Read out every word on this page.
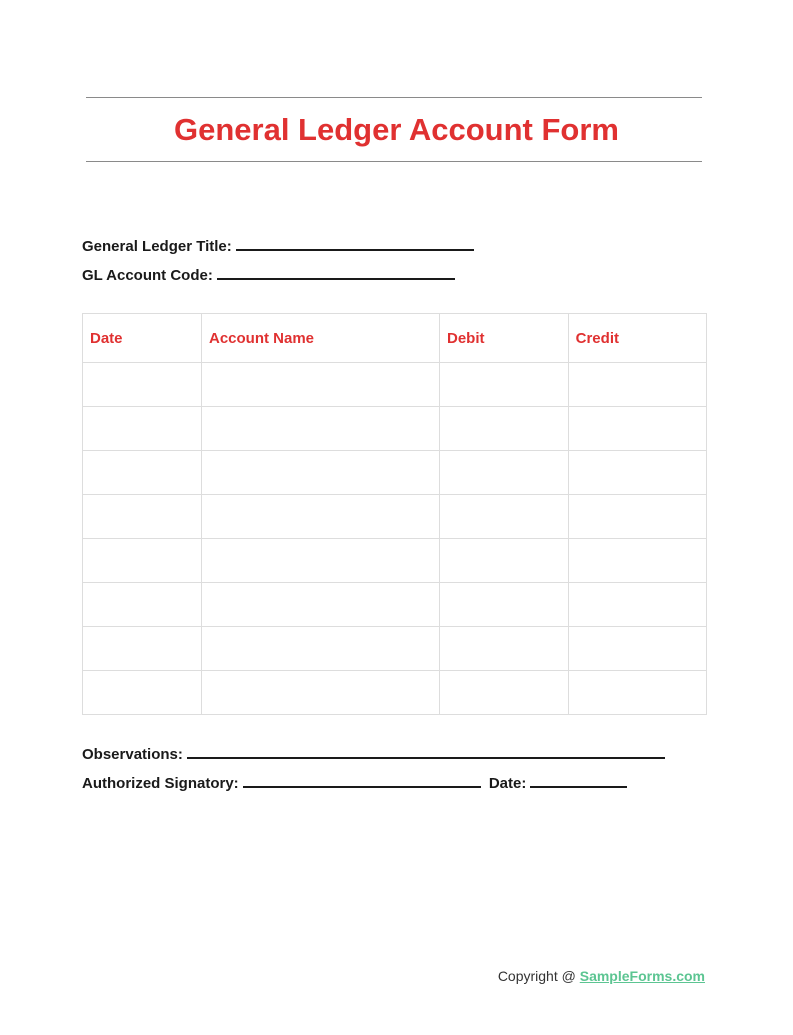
General Ledger Account Form
General Ledger Title:
GL Account Code:
Date	Account Name	Debit	Credit

Observations:
Authorized Signatory:	Date:
Copyright @ SampleForms.com
